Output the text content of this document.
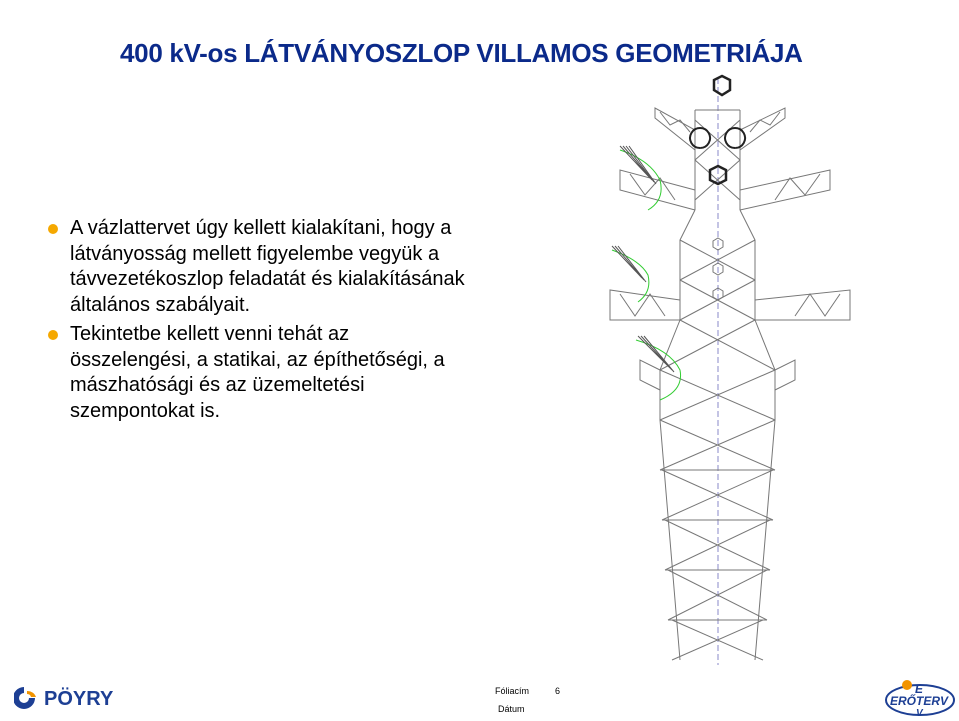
400 kV-os LÁTVÁNYOSZLOP VILLAMOS GEOMETRIÁJA
A vázlattervet úgy kellett kialakítani, hogy a
látványosság mellett figyelembe vegyük a
távvezetékoszlop feladatát és kialakításának
általános szabályait.
Tekintetbe kellett venni tehát az
összelengési, a statikai, az építhetőségi, a
mászhatósági és az üzemeltetési
szempontokat is.
PÖYRY	Fóliacím	6
Dátum
E
ERŐTERV
V
